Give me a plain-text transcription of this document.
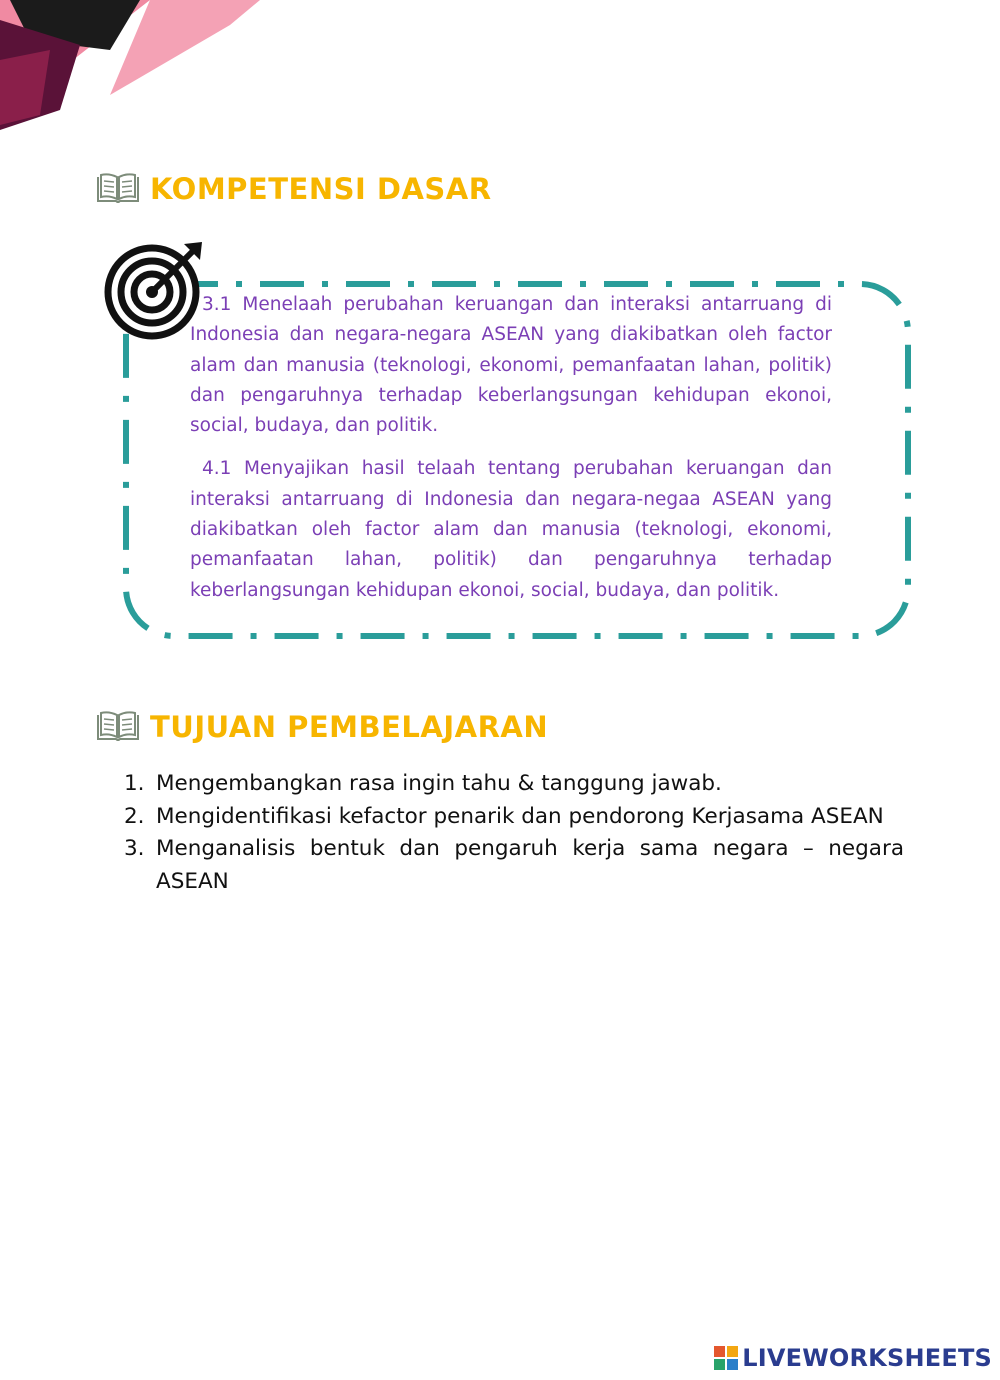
KOMPETENSI DASAR

3.1 Menelaah perubahan keruangan dan interaksi antarruang di Indonesia dan negara-negara ASEAN yang diakibatkan oleh factor alam dan manusia (teknologi, ekonomi, pemanfaatan lahan, politik) dan pengaruhnya terhadap keberlangsungan kehidupan ekonoi, social, budaya, dan politik.

4.1 Menyajikan hasil telaah tentang perubahan keruangan dan interaksi antarruang di Indonesia dan negara-negaa ASEAN yang diakibatkan oleh factor alam dan manusia (teknologi, ekonomi, pemanfaatan lahan, politik) dan pengaruhnya terhadap keberlangsungan kehidupan ekonoi, social, budaya, dan politik.

TUJUAN PEMBELAJARAN
1. Mengembangkan rasa ingin tahu & tanggung jawab.
2. Mengidentifikasi kefactor penarik dan pendorong Kerjasama ASEAN
3. Menganalisis bentuk dan pengaruh kerja sama negara – negara ASEAN
LIVEWORKSHEETS
